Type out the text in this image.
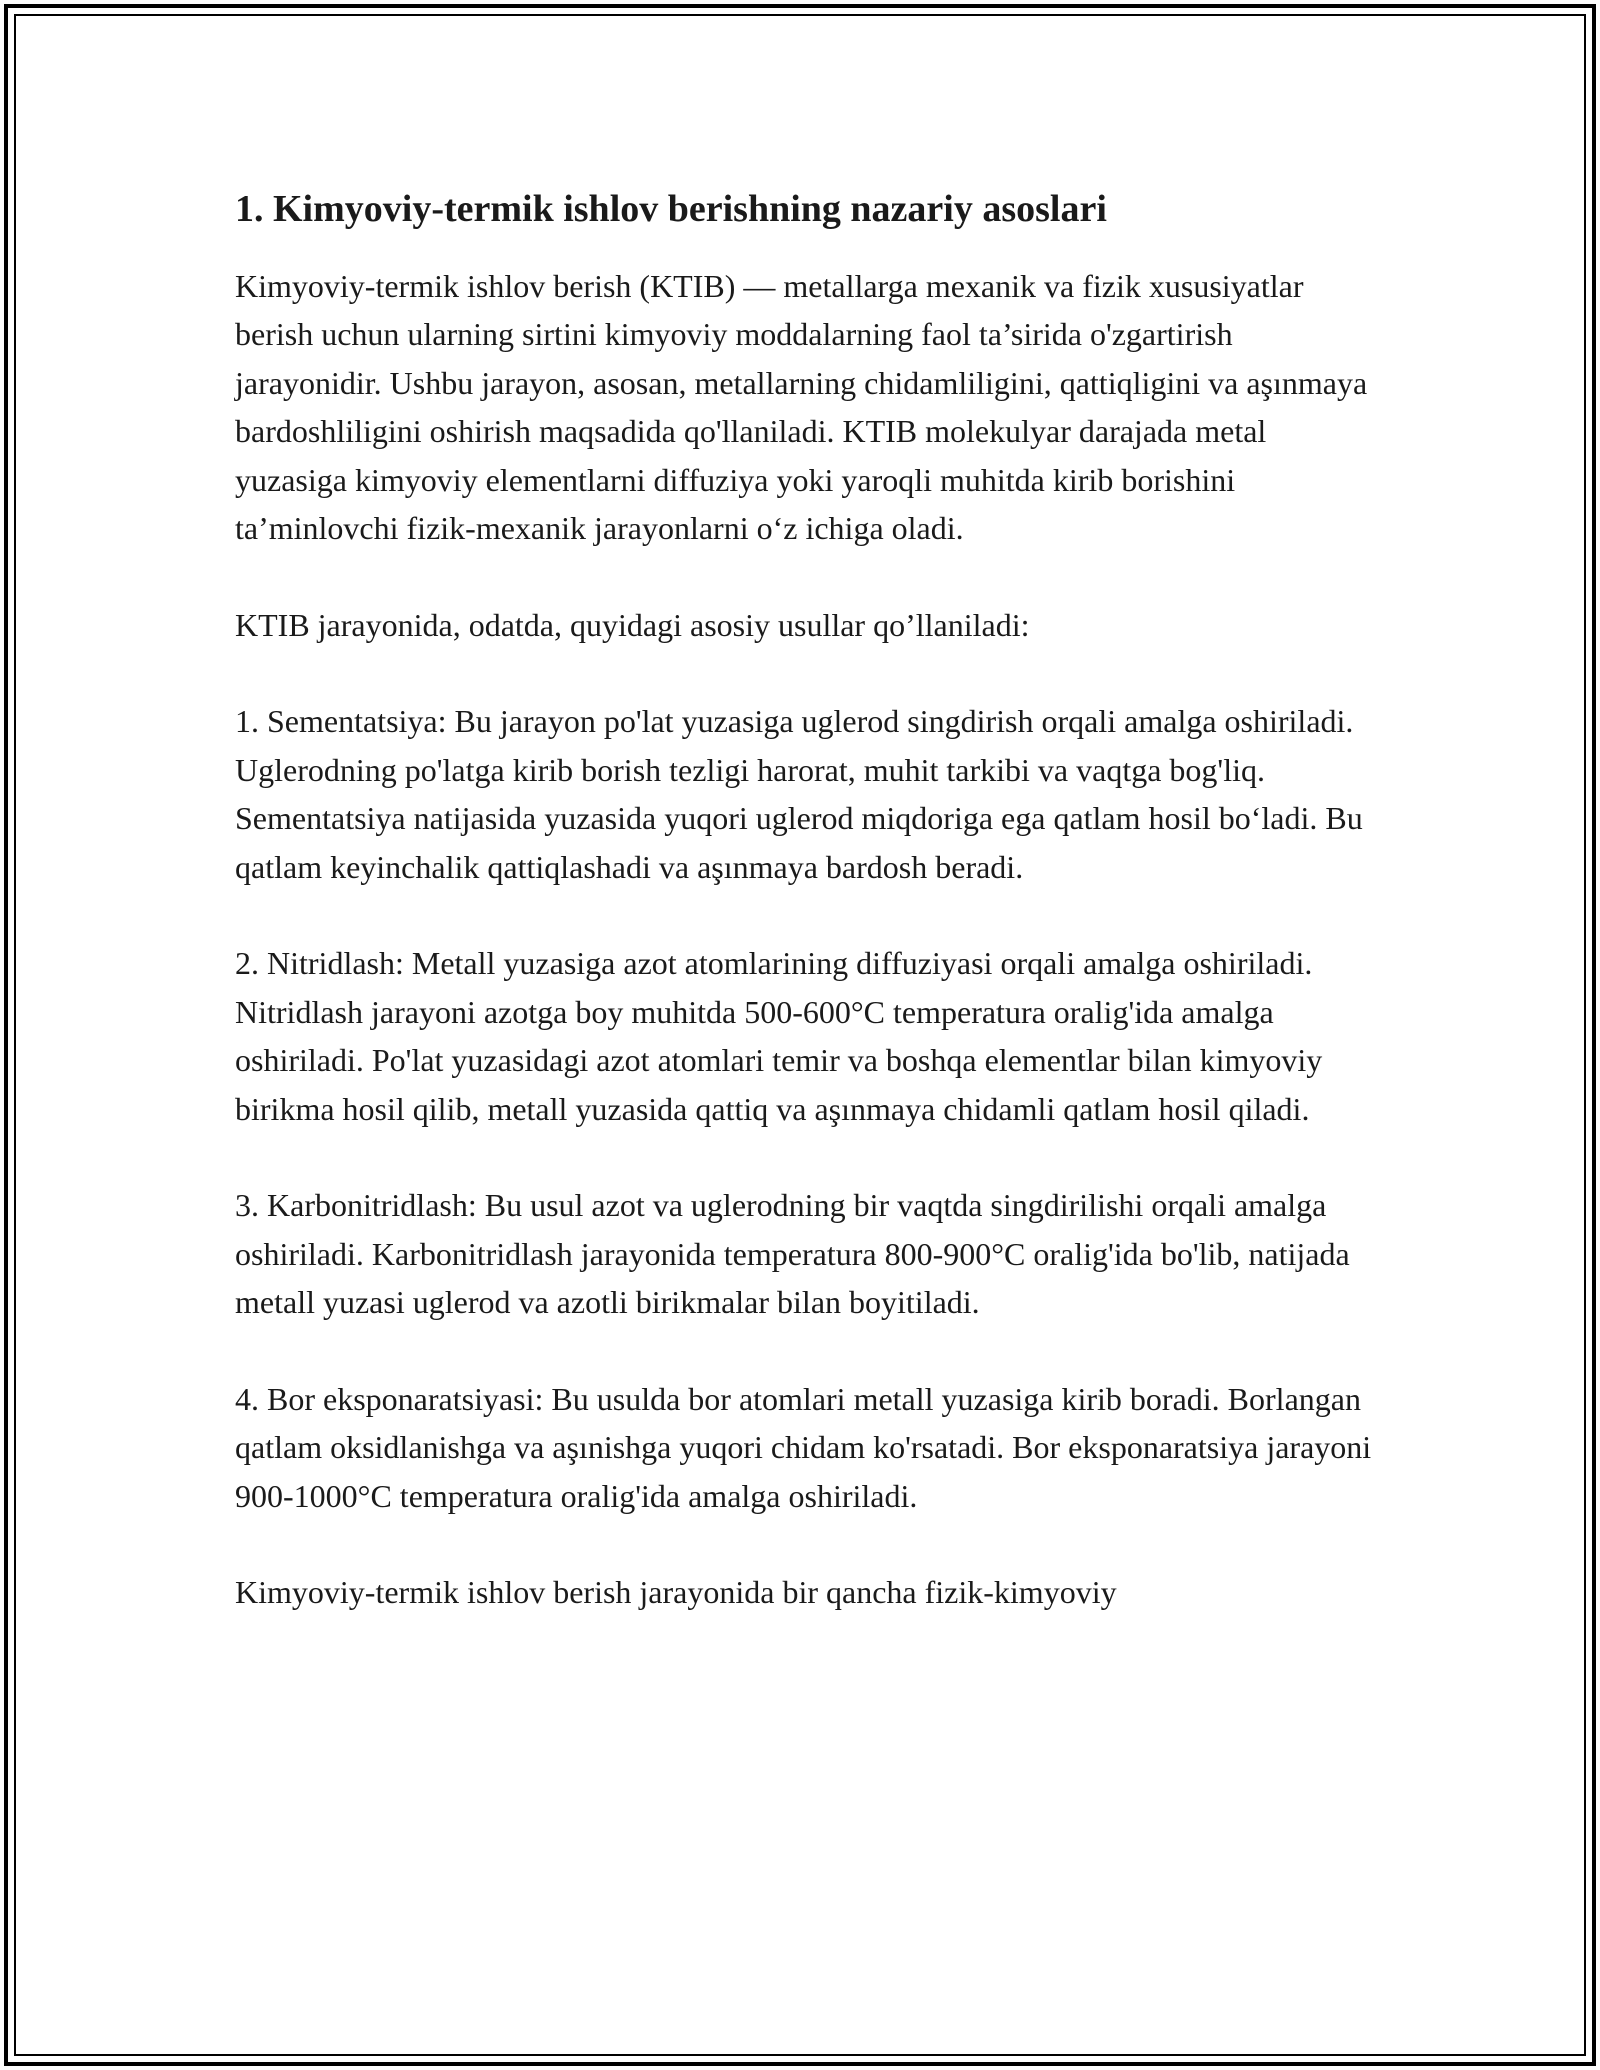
1. Kimyoviy-termik ishlov berishning nazariy asoslari

Kimyoviy-termik ishlov berish (KTIB) — metallarga mexanik va fizik xususiyatlar berish uchun ularning sirtini kimyoviy moddalarning faol ta’sirida o'zgartirish jarayonidir. Ushbu jarayon, asosan, metallarning chidamliligini, qattiqligini va aşınmaya bardoshliligini oshirish maqsadida qo'llaniladi. KTIB molekulyar darajada metal yuzasiga kimyoviy elementlarni diffuziya yoki yaroqli muhitda kirib borishini ta’minlovchi fizik-mexanik jarayonlarni o‘z ichiga oladi.

KTIB jarayonida, odatda, quyidagi asosiy usullar qo’llaniladi:

1. Sementatsiya: Bu jarayon po'lat yuzasiga uglerod singdirish orqali amalga oshiriladi. Uglerodning po'latga kirib borish tezligi harorat, muhit tarkibi va vaqtga bog'liq. Sementatsiya natijasida yuzasida yuqori uglerod miqdoriga ega qatlam hosil bo‘ladi. Bu qatlam keyinchalik qattiqlashadi va aşınmaya bardosh beradi.

2. Nitridlash: Metall yuzasiga azot atomlarining diffuziyasi orqali amalga oshiriladi. Nitridlash jarayoni azotga boy muhitda 500-600°C temperatura oralig'ida amalga oshiriladi. Po'lat yuzasidagi azot atomlari temir va boshqa elementlar bilan kimyoviy birikma hosil qilib, metall yuzasida qattiq va aşınmaya chidamli qatlam hosil qiladi.

3. Karbonitridlash: Bu usul azot va uglerodning bir vaqtda singdirilishi orqali amalga oshiriladi. Karbonitridlash jarayonida temperatura 800-900°C oralig'ida bo'lib, natijada metall yuzasi uglerod va azotli birikmalar bilan boyitiladi.

4. Bor eksponaratsiyasi: Bu usulda bor atomlari metall yuzasiga kirib boradi. Borlangan qatlam oksidlanishga va aşınishga yuqori chidam ko'rsatadi. Bor eksponaratsiya jarayoni 900-1000°C temperatura oralig'ida amalga oshiriladi.

Kimyoviy-termik ishlov berish jarayonida bir qancha fizik-kimyoviy
